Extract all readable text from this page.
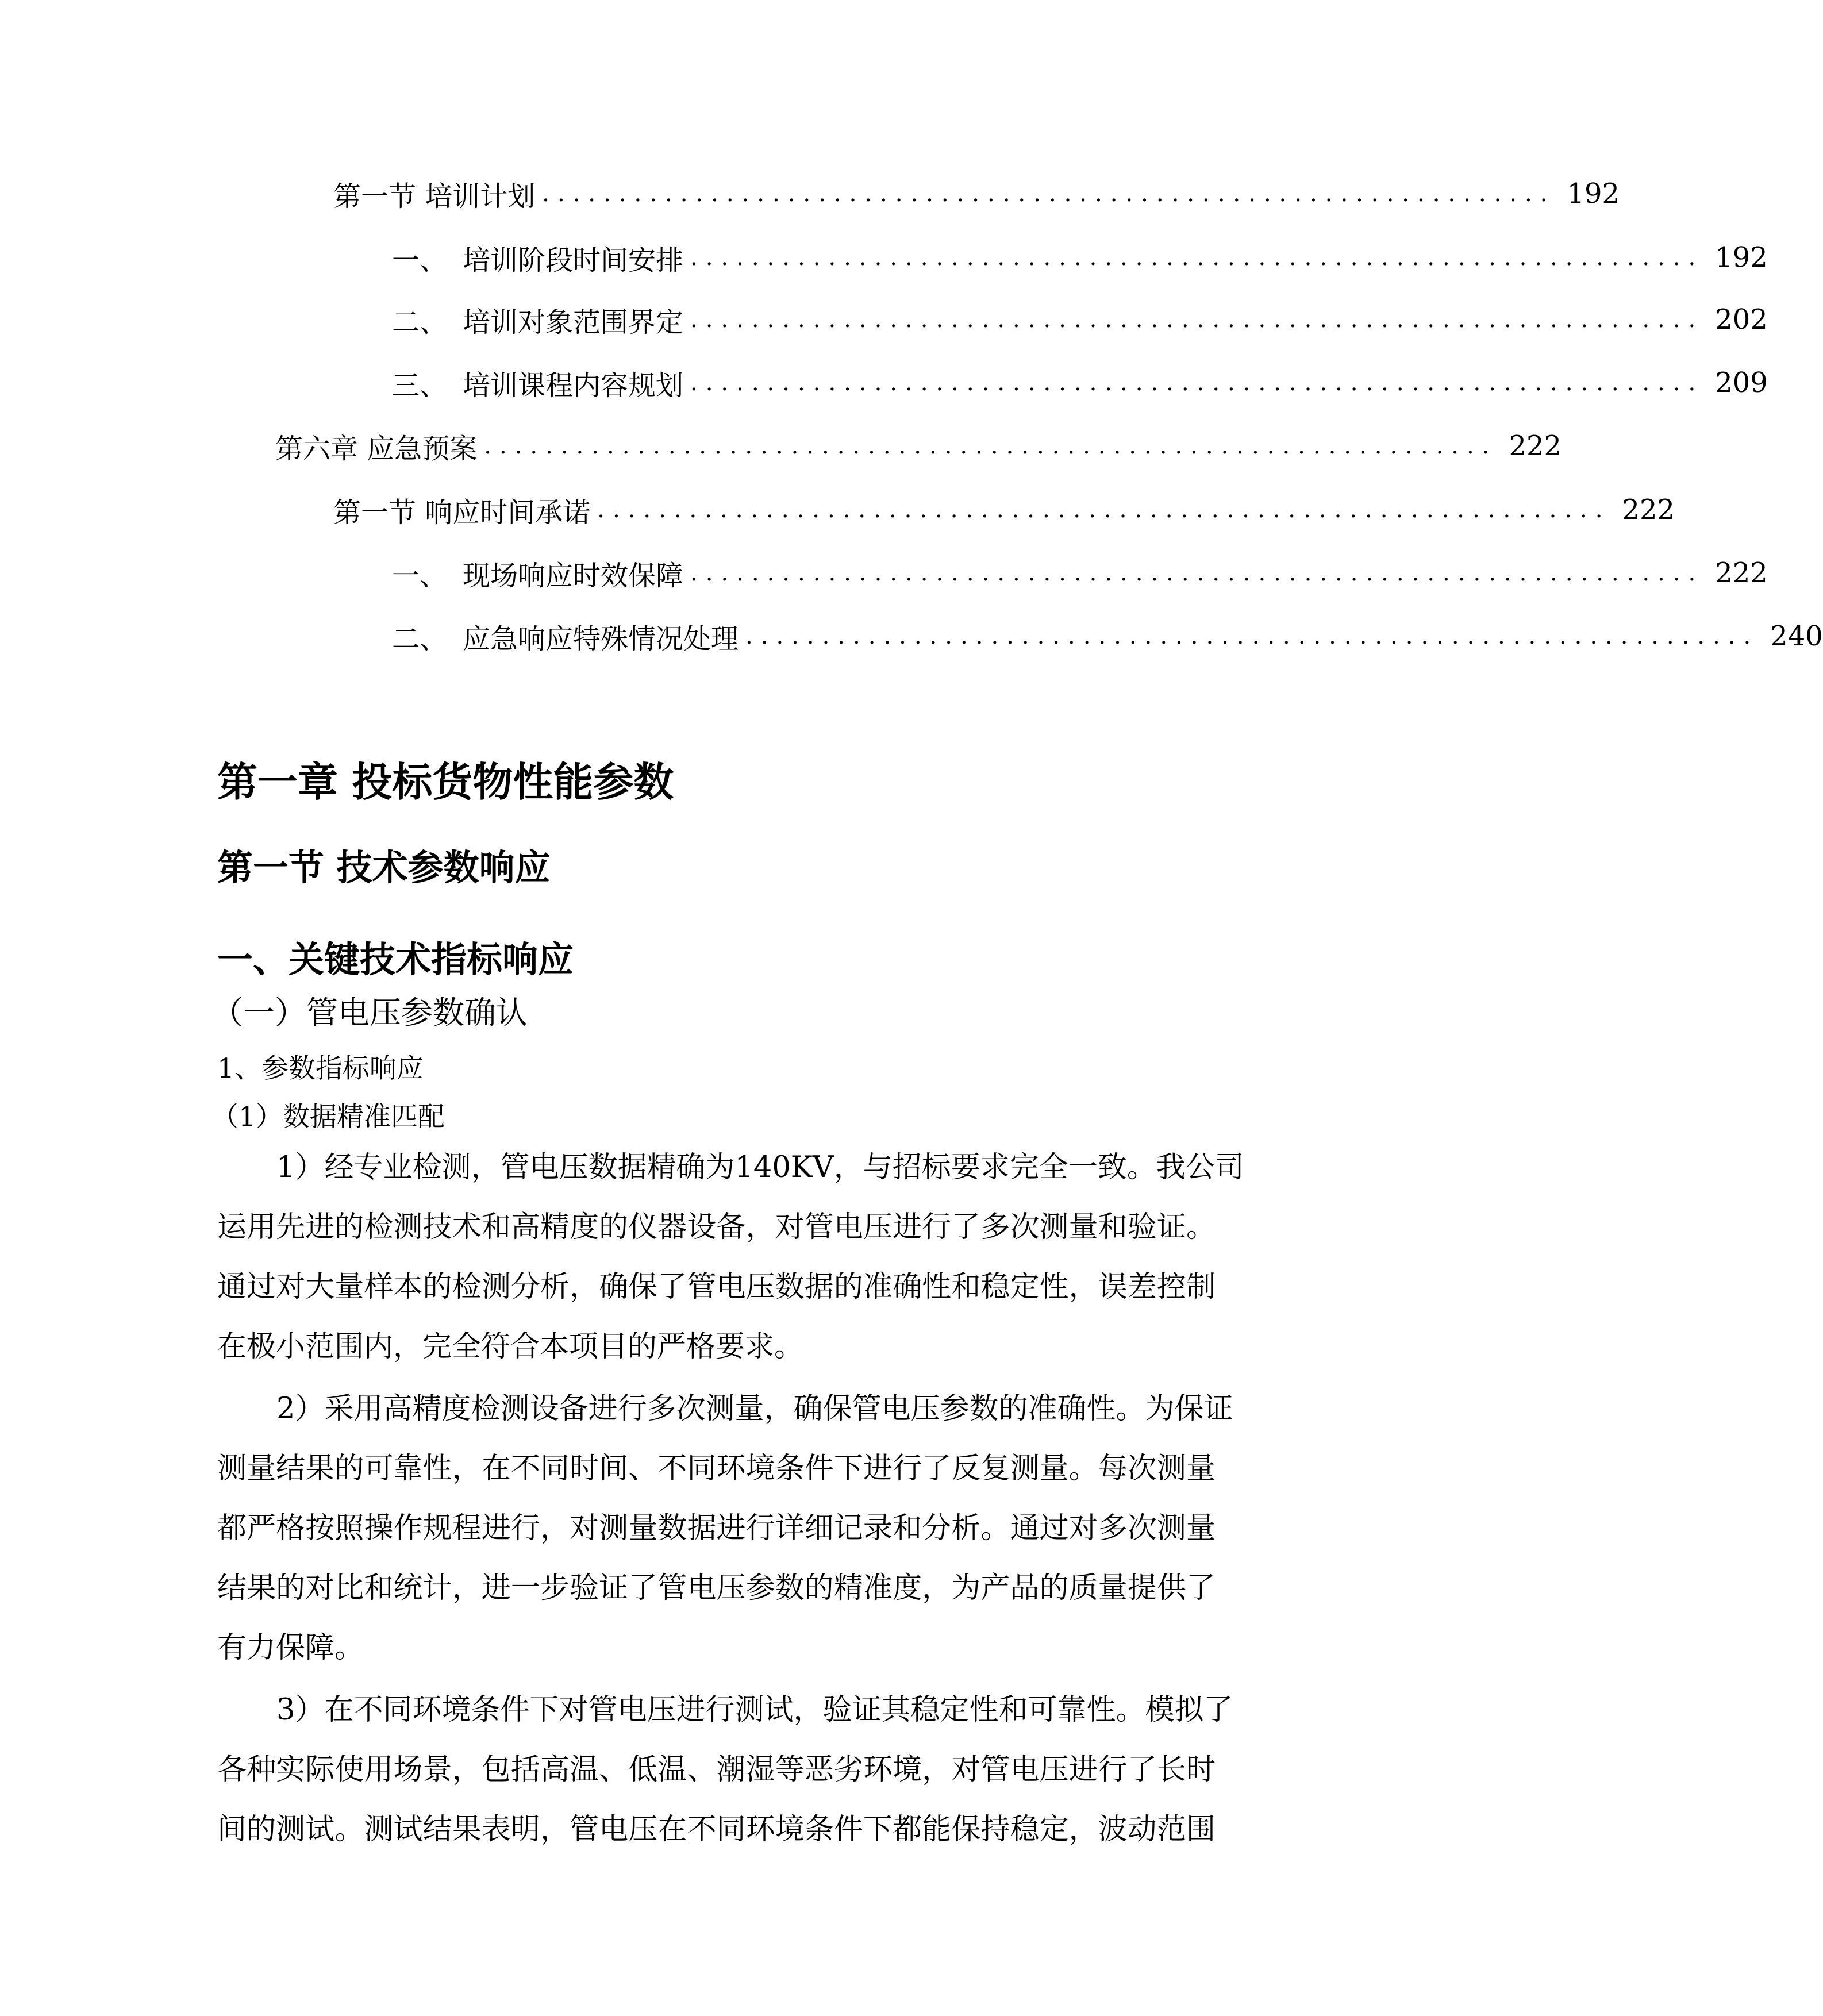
第一节 培训计划 .................................................................. 192
一、 培训阶段时间安排 .................................................................. 192
二、 培训对象范围界定 .................................................................. 202
三、 培训课程内容规划 .................................................................. 209
第六章 应急预案 .................................................................. 222
第一节 响应时间承诺 .................................................................. 222
一、 现场响应时效保障 .................................................................. 222
二、 应急响应特殊情况处理 .................................................................. 240
第一章 投标货物性能参数
第一节 技术参数响应
一、关键技术指标响应
（一）管电压参数确认
1、参数指标响应
（1）数据精准匹配
1）经专业检测，管电压数据精确为140KV，与招标要求完全一致。我公司
运用先进的检测技术和高精度的仪器设备，对管电压进行了多次测量和验证。
通过对大量样本的检测分析，确保了管电压数据的准确性和稳定性，误差控制
在极小范围内，完全符合本项目的严格要求。
2）采用高精度检测设备进行多次测量，确保管电压参数的准确性。为保证
测量结果的可靠性，在不同时间、不同环境条件下进行了反复测量。每次测量
都严格按照操作规程进行，对测量数据进行详细记录和分析。通过对多次测量
结果的对比和统计，进一步验证了管电压参数的精准度，为产品的质量提供了
有力保障。
3）在不同环境条件下对管电压进行测试，验证其稳定性和可靠性。模拟了
各种实际使用场景，包括高温、低温、潮湿等恶劣环境，对管电压进行了长时
间的测试。测试结果表明，管电压在不同环境条件下都能保持稳定，波动范围
